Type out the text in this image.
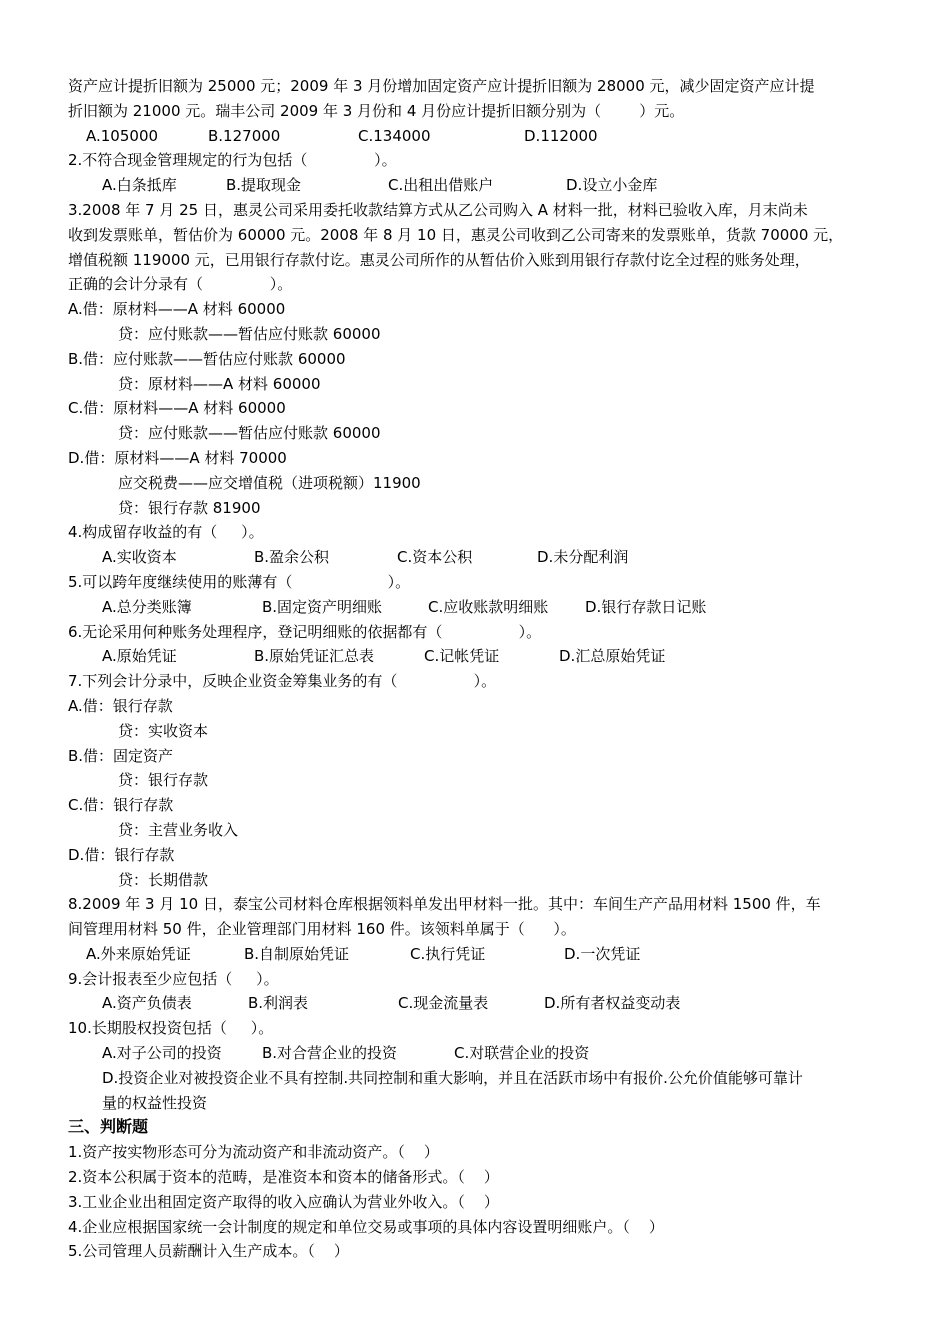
资产应计提折旧额为 25000 元；2009 年 3 月份增加固定资产应计提折旧额为 28000 元，减少固定资产应计提
折旧额为 21000 元。瑞丰公司 2009 年 3 月份和 4 月份应计提折旧额分别为（        ）元。
A.105000	B.127000	C.134000	D.112000
2.不符合现金管理规定的行为包括（              ）。
A.白条抵库	B.提取现金	C.出租出借账户	D.设立小金库
3.2008 年 7 月 25 日，惠灵公司采用委托收款结算方式从乙公司购入 A 材料一批，材料已验收入库，月末尚未
收到发票账单，暂估价为 60000 元。2008 年 8 月 10 日，惠灵公司收到乙公司寄来的发票账单，货款 70000 元，
增值税额 119000 元，已用银行存款付讫。惠灵公司所作的从暂估价入账到用银行存款付讫全过程的账务处理，
正确的会计分录有（              ）。
A.借：原材料——A 材料 60000
贷：应付账款——暂估应付账款 60000
B.借：应付账款——暂估应付账款 60000
贷：原材料——A 材料 60000
C.借：原材料——A 材料 60000
贷：应付账款——暂估应付账款 60000
D.借：原材料——A 材料 70000
应交税费——应交增值税（进项税额）11900
贷：银行存款 81900
4.构成留存收益的有（     ）。
A.实收资本	B.盈余公积	C.资本公积	D.未分配利润
5.可以跨年度继续使用的账薄有（                    ）。
A.总分类账簿	B.固定资产明细账	C.应收账款明细账	D.银行存款日记账
6.无论采用何种账务处理程序，登记明细账的依据都有（                ）。
A.原始凭证	B.原始凭证汇总表	C.记帐凭证	D.汇总原始凭证
7.下列会计分录中，反映企业资金筹集业务的有（                ）。
A.借：银行存款
贷：实收资本
B.借：固定资产
贷：银行存款
C.借：银行存款
贷：主营业务收入
D.借：银行存款
贷：长期借款
8.2009 年 3 月 10 日，泰宝公司材料仓库根据领料单发出甲材料一批。其中：车间生产产品用材料 1500 件，车
间管理用材料 50 件，企业管理部门用材料 160 件。该领料单属于（      ）。
A.外来原始凭证	B.自制原始凭证	C.执行凭证	D.一次凭证
9.会计报表至少应包括（     ）。
A.资产负债表	B.利润表	C.现金流量表	D.所有者权益变动表
10.长期股权投资包括（     ）。
A.对子公司的投资	B.对合营企业的投资	C.对联营企业的投资
D.投资企业对被投资企业不具有控制.共同控制和重大影响，并且在活跃市场中有报价.公允价值能够可靠计
量的权益性投资
三、判断题
1.资产按实物形态可分为流动资产和非流动资产。（    ）
2.资本公积属于资本的范畴，是准资本和资本的储备形式。（    ）
3.工业企业出租固定资产取得的收入应确认为营业外收入。（    ）
4.企业应根据国家统一会计制度的规定和单位交易或事项的具体内容设置明细账户。（    ）
5.公司管理人员薪酬计入生产成本。（    ）
